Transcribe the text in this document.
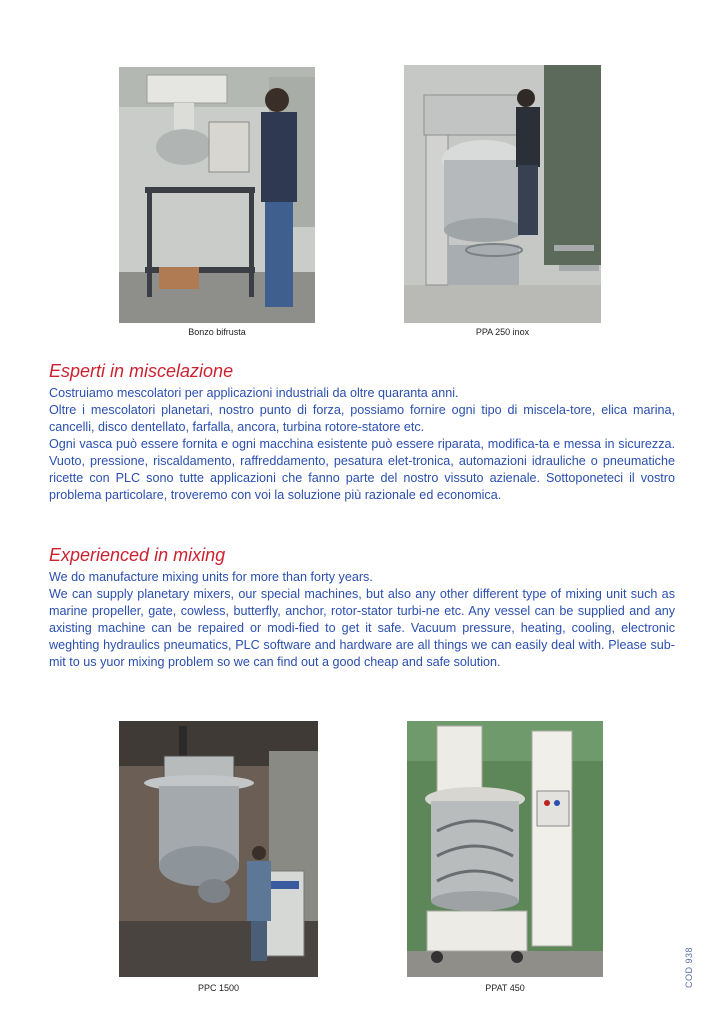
Bonzo bifrusta	PPA 250 inox
Esperti in miscelazione

Costruiamo mescolatori per applicazioni industriali da oltre quaranta anni.
Oltre i mescolatori planetari, nostro punto di forza, possiamo fornire ogni tipo di miscela-tore, elica marina, cancelli, disco dentellato, farfalla, ancora, turbina rotore-statore etc.
Ogni vasca può essere fornita e ogni macchina esistente può essere riparata, modifica-ta e messa in sicurezza. Vuoto, pressione, riscaldamento, raffreddamento, pesatura elet-tronica, automazioni idrauliche o pneumatiche ricette con PLC sono tutte applicazioni che fanno parte del nostro vissuto azienale. Sottoponeteci il vostro problema particolare, troveremo con voi la soluzione più razionale ed economica.

Experienced in mixing

We do manufacture mixing units for more than forty years.
We can supply planetary mixers, our special machines, but also any other different type of mixing unit such as marine propeller, gate, cowless, butterfly, anchor, rotor-stator turbi-ne etc. Any vessel can be supplied and any axisting machine can be repaired or modi-fied to get it safe. Vacuum pressure, heating, cooling, electronic weghting hydraulics pneumatics, PLC software and hardware are all things we can easily deal with. Please sub-mit to us yuor mixing problem so we can find out a good cheap and safe solution.

PPC 1500	PPAT 450	COD 938
